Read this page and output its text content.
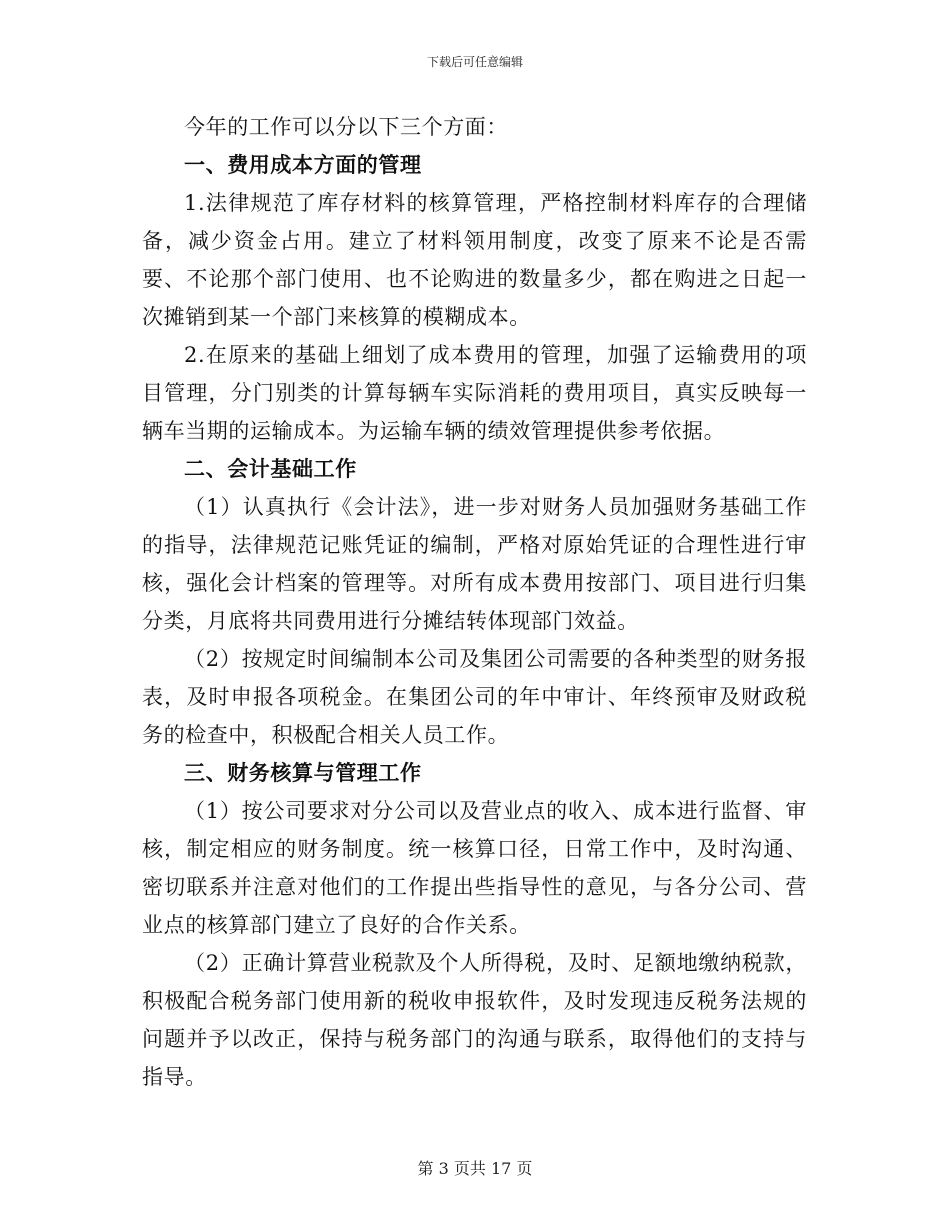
下载后可任意编辑

今年的工作可以分以下三个方面：

一、费用成本方面的管理

1.法律规范了库存材料的核算管理，严格控制材料库存的合理储备，减少资金占用。建立了材料领用制度，改变了原来不论是否需要、不论那个部门使用、也不论购进的数量多少，都在购进之日起一次摊销到某一个部门来核算的模糊成本。

2.在原来的基础上细划了成本费用的管理，加强了运输费用的项目管理，分门别类的计算每辆车实际消耗的费用项目，真实反映每一辆车当期的运输成本。为运输车辆的绩效管理提供参考依据。

二、会计基础工作

（1）认真执行《会计法》，进一步对财务人员加强财务基础工作的指导，法律规范记账凭证的编制，严格对原始凭证的合理性进行审核，强化会计档案的管理等。对所有成本费用按部门、项目进行归集分类，月底将共同费用进行分摊结转体现部门效益。

（2）按规定时间编制本公司及集团公司需要的各种类型的财务报表，及时申报各项税金。在集团公司的年中审计、年终预审及财政税务的检查中，积极配合相关人员工作。

三、财务核算与管理工作

（1）按公司要求对分公司以及营业点的收入、成本进行监督、审核，制定相应的财务制度。统一核算口径，日常工作中，及时沟通、密切联系并注意对他们的工作提出些指导性的意见，与各分公司、营业点的核算部门建立了良好的合作关系。

（2）正确计算营业税款及个人所得税，及时、足额地缴纳税款，积极配合税务部门使用新的税收申报软件，及时发现违反税务法规的问题并予以改正，保持与税务部门的沟通与联系，取得他们的支持与指导。

第 3 页共 17 页
